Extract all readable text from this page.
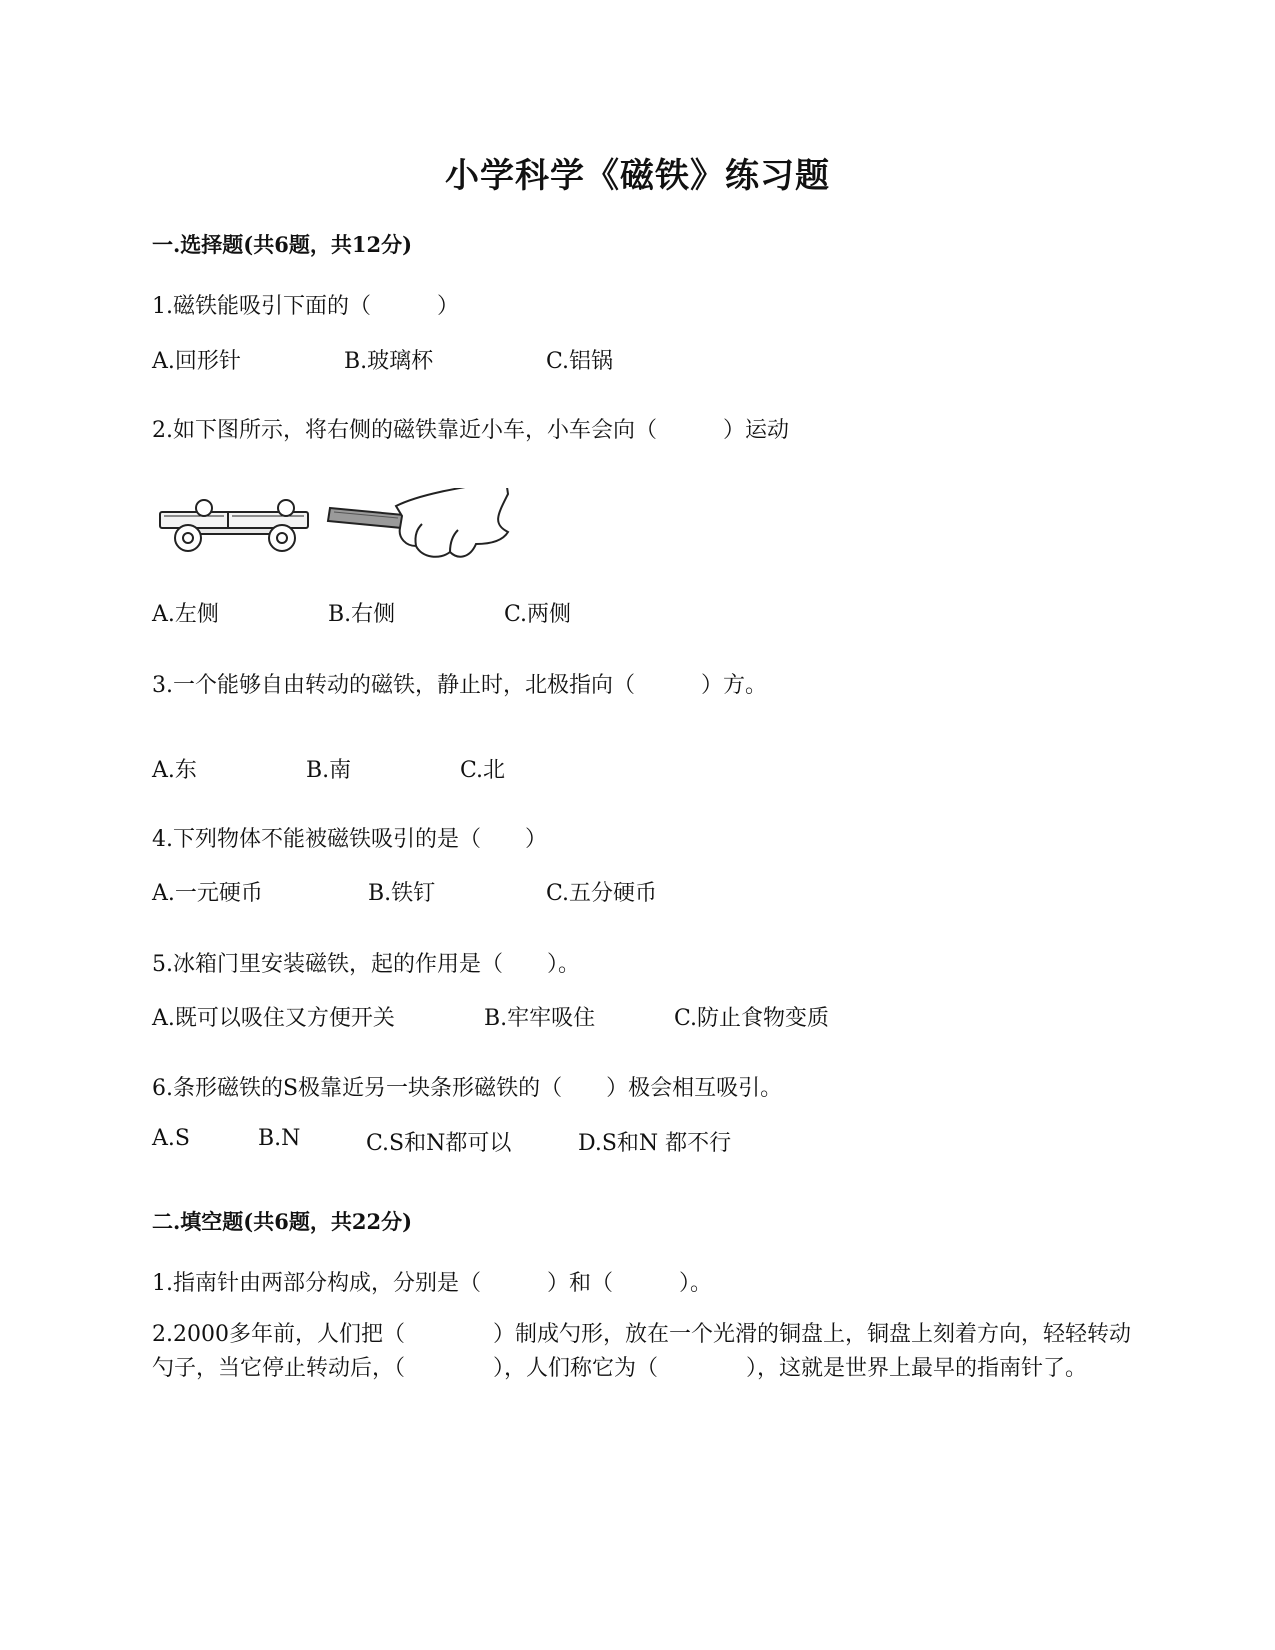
小学科学《磁铁》练习题
一.选择题(共6题，共12分)
1.磁铁能吸引下面的（　　　）
A.回形针	B.玻璃杯	C.铝锅
2.如下图所示，将右侧的磁铁靠近小车，小车会向（　　　）运动
A.左侧	B.右侧	C.两侧
3.一个能够自由转动的磁铁，静止时，北极指向（　　　）方。
A.东	B.南	C.北
4.下列物体不能被磁铁吸引的是（　　）
A.一元硬币	B.铁钉	C.五分硬币
5.冰箱门里安装磁铁，起的作用是（　　）。
A.既可以吸住又方便开关	B.牢牢吸住	C.防止食物变质
6.条形磁铁的S极靠近另一块条形磁铁的（　　）极会相互吸引。
A.S	B.N	C.S和N都可以	D.S和N 都不行
二.填空题(共6题，共22分)
1.指南针由两部分构成，分别是（　　　）和（　　　）。
2.2000多年前，人们把（　　　　）制成勺形，放在一个光滑的铜盘上，铜盘上刻着方向，轻轻转动勺子，当它停止转动后，（　　　　），人们称它为（　　　　），这就是世界上最早的指南针了。
